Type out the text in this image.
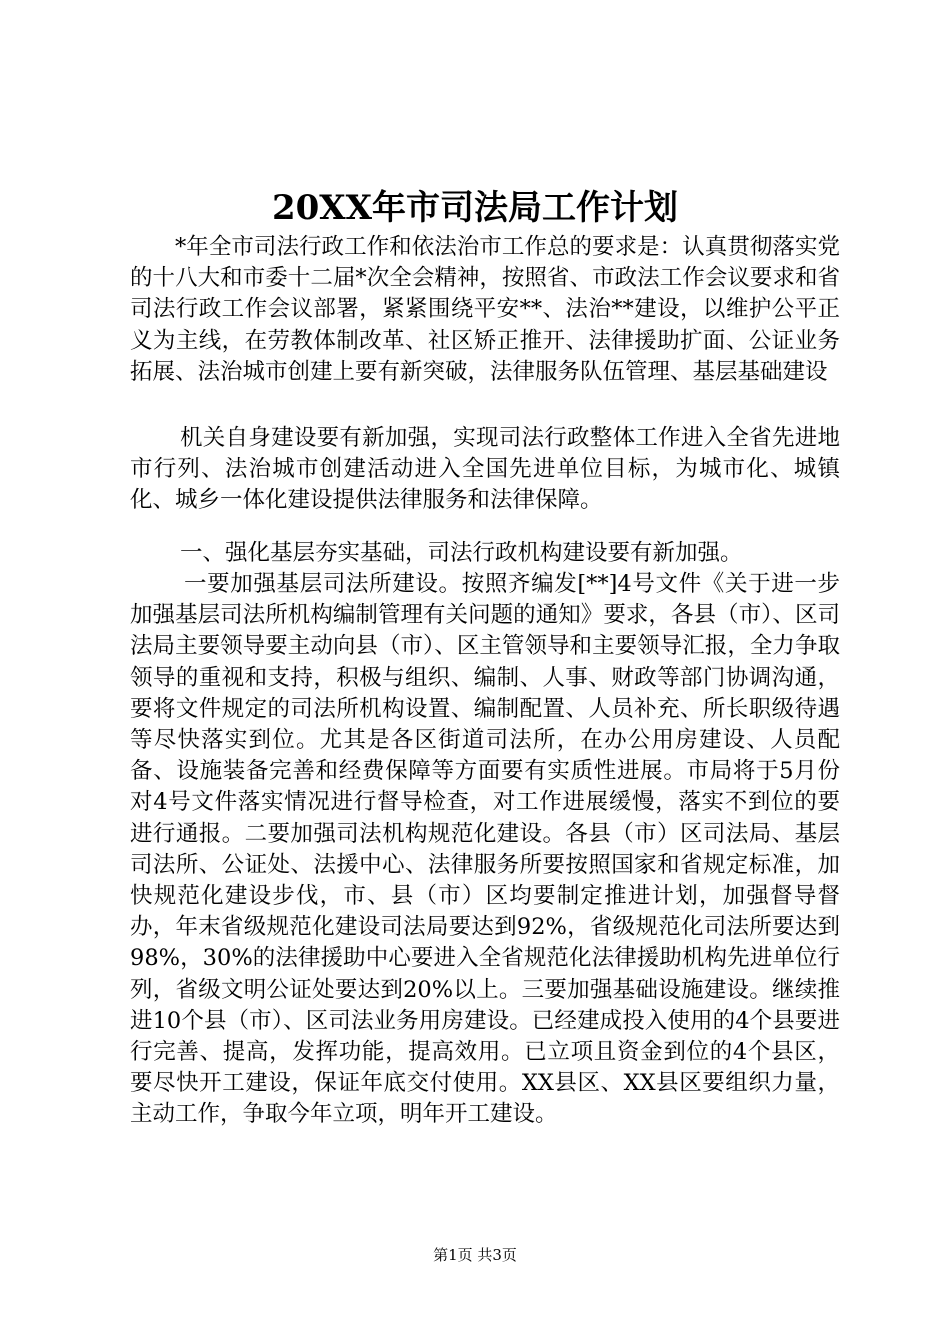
20XX年市司法局工作计划
*年全市司法行政工作和依法治市工作总的要求是：认真贯彻落实党的十八大和市委十二届*次全会精神，按照省、市政法工作会议要求和省司法行政工作会议部署，紧紧围绕平安**、法治**建设，以维护公平正义为主线，在劳教体制改革、社区矫正推开、法律援助扩面、公证业务拓展、法治城市创建上要有新突破，法律服务队伍管理、基层基础建设
机关自身建设要有新加强，实现司法行政整体工作进入全省先进地市行列、法治城市创建活动进入全国先进单位目标，为城市化、城镇化、城乡一体化建设提供法律服务和法律保障。
一、强化基层夯实基础，司法行政机构建设要有新加强。
一要加强基层司法所建设。按照齐编发[**]4号文件《关于进一步加强基层司法所机构编制管理有关问题的通知》要求，各县（市）、区司法局主要领导要主动向县（市）、区主管领导和主要领导汇报，全力争取领导的重视和支持，积极与组织、编制、人事、财政等部门协调沟通，要将文件规定的司法所机构设置、编制配置、人员补充、所长职级待遇等尽快落实到位。尤其是各区街道司法所，在办公用房建设、人员配备、设施装备完善和经费保障等方面要有实质性进展。市局将于5月份对4号文件落实情况进行督导检查，对工作进展缓慢，落实不到位的要进行通报。二要加强司法机构规范化建设。各县（市）区司法局、基层司法所、公证处、法援中心、法律服务所要按照国家和省规定标准，加快规范化建设步伐，市、县（市）区均要制定推进计划，加强督导督办，年末省级规范化建设司法局要达到92%，省级规范化司法所要达到98%，30%的法律援助中心要进入全省规范化法律援助机构先进单位行列，省级文明公证处要达到20%以上。三要加强基础设施建设。继续推进10个县（市）、区司法业务用房建设。已经建成投入使用的4个县要进行完善、提高，发挥功能，提高效用。已立项且资金到位的4个县区，要尽快开工建设，保证年底交付使用。XX县区、XX县区要组织力量，主动工作，争取今年立项，明年开工建设。
第1页 共3页
